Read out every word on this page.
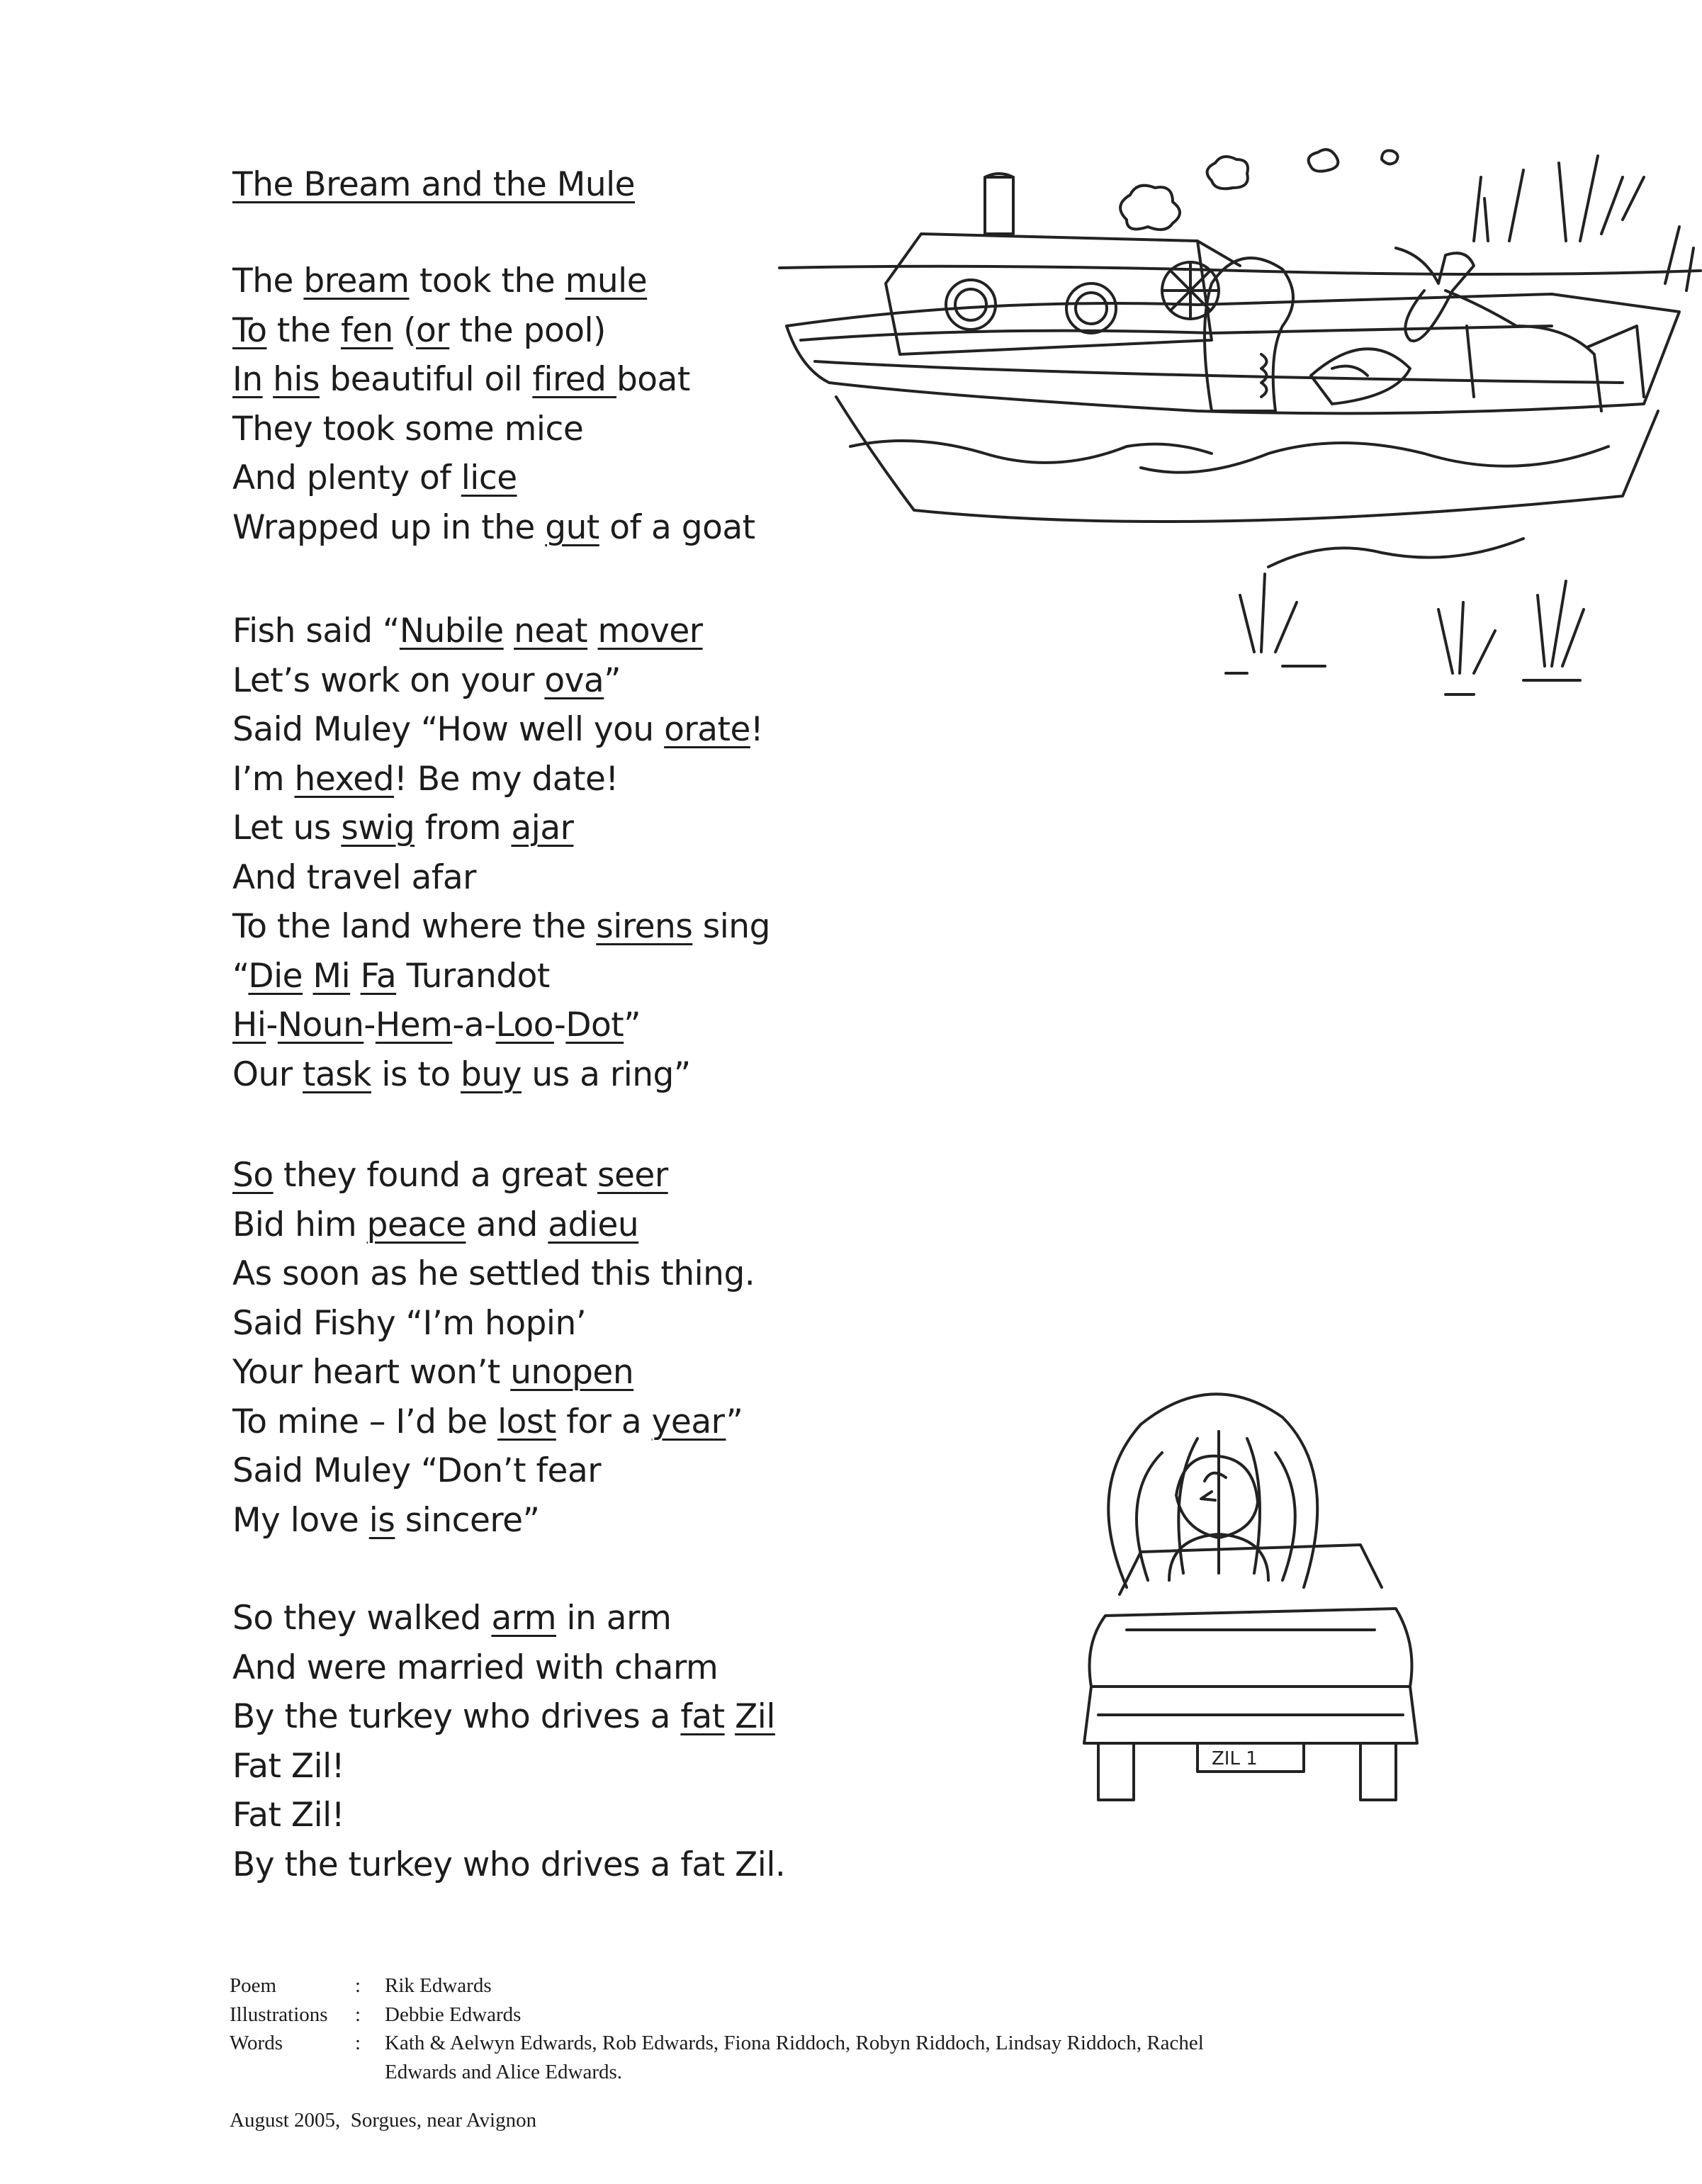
The Bream and the Mule
The bream took the mule
To the fen (or the pool)
In his beautiful oil fired boat
They took some mice
And plenty of lice
Wrapped up in the gut of a goat
Fish said “Nubile neat mover
Let’s work on your ova”
Said Muley “How well you orate!
I’m hexed! Be my date!
Let us swig from ajar
And travel afar
To the land where the sirens sing
“Die Mi Fa Turandot
Hi-Noun-Hem-a-Loo-Dot”
Our task is to buy us a ring”
So they found a great seer
Bid him peace and adieu
As soon as he settled this thing.
Said Fishy “I’m hopin’
Your heart won’t unopen
To mine – I’d be lost for a year”
Said Muley “Don’t fear
My love is sincere”
So they walked arm in arm
And were married with charm
By the turkey who drives a fat Zil
Fat Zil!
Fat Zil!
By the turkey who drives a fat Zil.
ZIL 1
Poem	:	Rik Edwards
Illustrations	:	Debbie Edwards
Words	:	Kath & Aelwyn Edwards, Rob Edwards, Fiona Riddoch, Robyn Riddoch, Lindsay Riddoch, Rachel Edwards and Alice Edwards.
August 2005,  Sorgues, near Avignon
